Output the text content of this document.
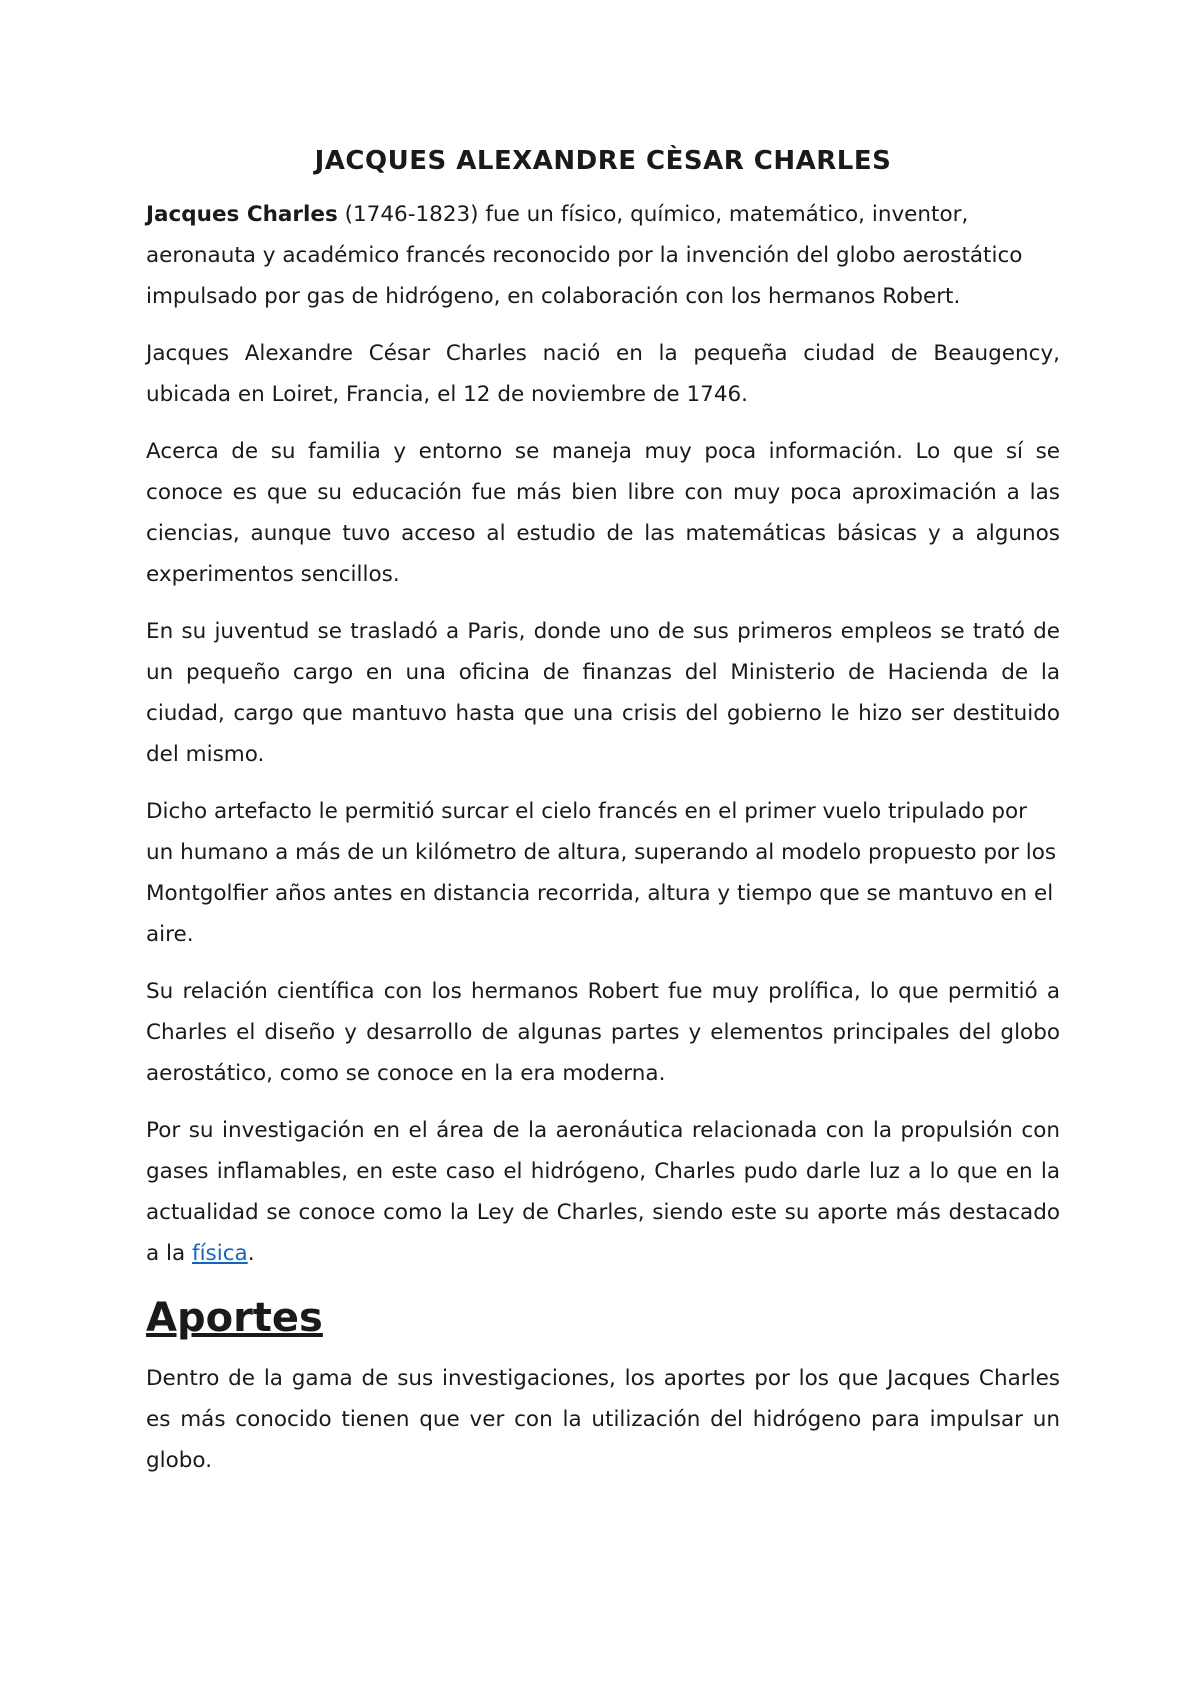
JACQUES ALEXANDRE CÈSAR CHARLES

Jacques Charles (1746-1823) fue un físico, químico, matemático, inventor, aeronauta y académico francés reconocido por la invención del globo aerostático impulsado por gas de hidrógeno, en colaboración con los hermanos Robert.

Jacques Alexandre César Charles nació en la pequeña ciudad de Beaugency, ubicada en Loiret, Francia, el 12 de noviembre de 1746.

Acerca de su familia y entorno se maneja muy poca información. Lo que sí se conoce es que su educación fue más bien libre con muy poca aproximación a las ciencias, aunque tuvo acceso al estudio de las matemáticas básicas y a algunos experimentos sencillos.

En su juventud se trasladó a Paris, donde uno de sus primeros empleos se trató de un pequeño cargo en una oficina de finanzas del Ministerio de Hacienda de la ciudad, cargo que mantuvo hasta que una crisis del gobierno le hizo ser destituido del mismo.

Dicho artefacto le permitió surcar el cielo francés en el primer vuelo tripulado por un humano a más de un kilómetro de altura, superando al modelo propuesto por los Montgolfier años antes en distancia recorrida, altura y tiempo que se mantuvo en el aire.

Su relación científica con los hermanos Robert fue muy prolífica, lo que permitió a Charles el diseño y desarrollo de algunas partes y elementos principales del globo aerostático, como se conoce en la era moderna.

Por su investigación en el área de la aeronáutica relacionada con la propulsión con gases inflamables, en este caso el hidrógeno, Charles pudo darle luz a lo que en la actualidad se conoce como la Ley de Charles, siendo este su aporte más destacado a la física.

Aportes

Dentro de la gama de sus investigaciones, los aportes por los que Jacques Charles es más conocido tienen que ver con la utilización del hidrógeno para impulsar un globo.
